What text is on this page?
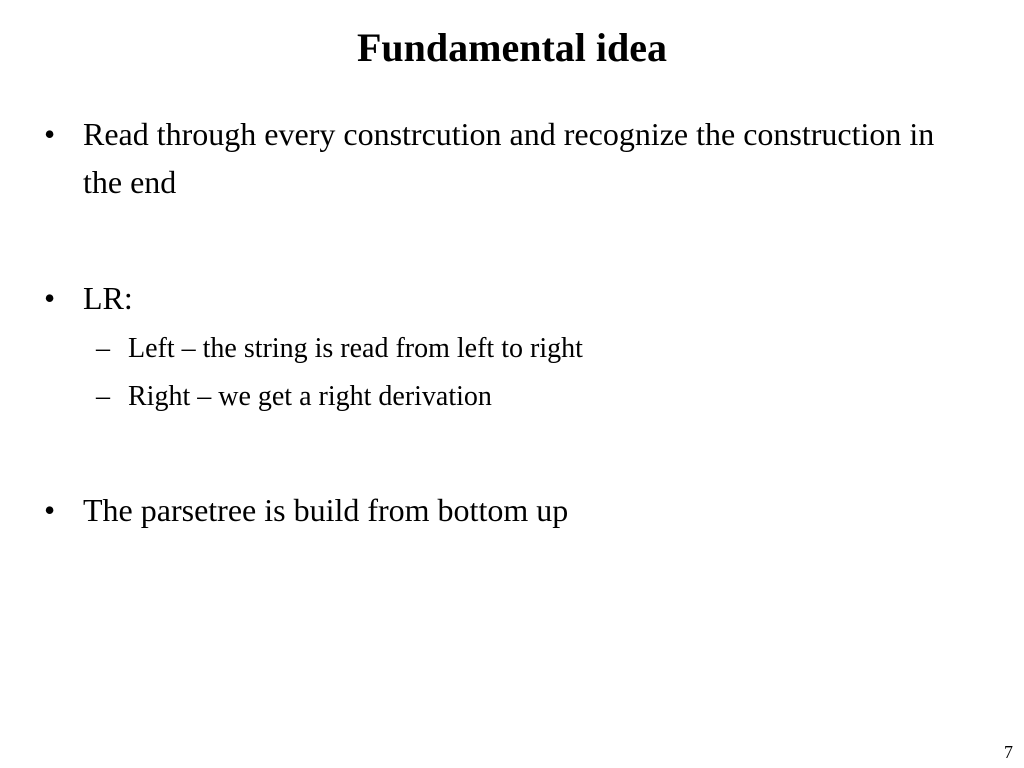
Fundamental idea
• Read through every constrcution and recognize the construction in the end
• LR:
– Left – the string is read from left to right
– Right – we get a right derivation
• The parsetree is build from bottom up
7
